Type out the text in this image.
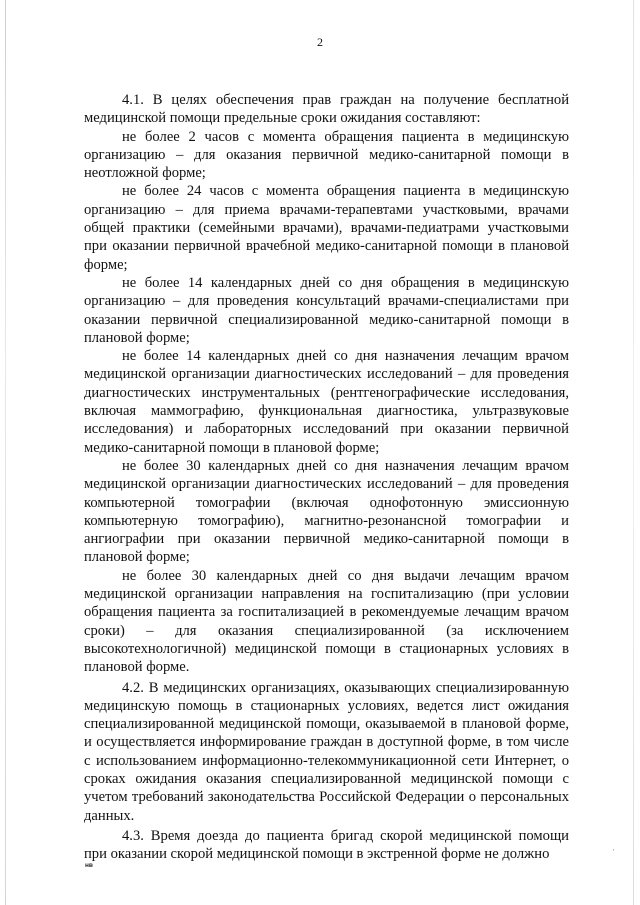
2

4.1. В целях обеспечения прав граждан на получение бесплатной медицинской помощи предельные сроки ожидания составляют:

не более 2 часов с момента обращения пациента в медицинскую организацию – для оказания первичной медико-санитарной помощи в неотложной форме;

не более 24 часов с момента обращения пациента в медицинскую организацию – для приема врачами-терапевтами участковыми, врачами общей практики (семейными врачами), врачами-педиатрами участковыми при оказании первичной врачебной медико-санитарной помощи в плановой форме;

не более 14 календарных дней со дня обращения в медицинскую организацию – для проведения консультаций врачами-специалистами при оказании первичной специализированной медико-санитарной помощи в плановой форме;

не более 14 календарных дней со дня назначения лечащим врачом медицинской организации диагностических исследований – для проведения диагностических инструментальных (рентгенографические исследования, включая маммографию, функциональная диагностика, ультразвуковые исследования) и лабораторных исследований при оказании первичной медико-санитарной помощи в плановой форме;

не более 30 календарных дней со дня назначения лечащим врачом медицинской организации диагностических исследований – для проведения компьютерной томографии (включая однофотонную эмиссионную компьютерную томографию), магнитно-резонансной томографии и ангиографии при оказании первичной медико-санитарной помощи в плановой форме;

не более 30 календарных дней со дня выдачи лечащим врачом медицинской организации направления на госпитализацию (при условии обращения пациента за госпитализацией в рекомендуемые лечащим врачом сроки) – для оказания специализированной (за исключением высокотехнологичной) медицинской помощи в стационарных условиях в плановой форме.

4.2. В медицинских организациях, оказывающих специализированную медицинскую помощь в стационарных условиях, ведется лист ожидания специализированной медицинской помощи, оказываемой в плановой форме, и осуществляется информирование граждан в доступной форме, в том числе с использованием информационно-телекоммуникационной сети Интернет, о сроках ожидания оказания специализированной медицинской помощи с учетом требований законодательства Российской Федерации о персональных данных.

4.3. Время доезда до пациента бригад скорой медицинской помощи при оказании скорой медицинской помощи в экстренной форме не должно

нв
'
